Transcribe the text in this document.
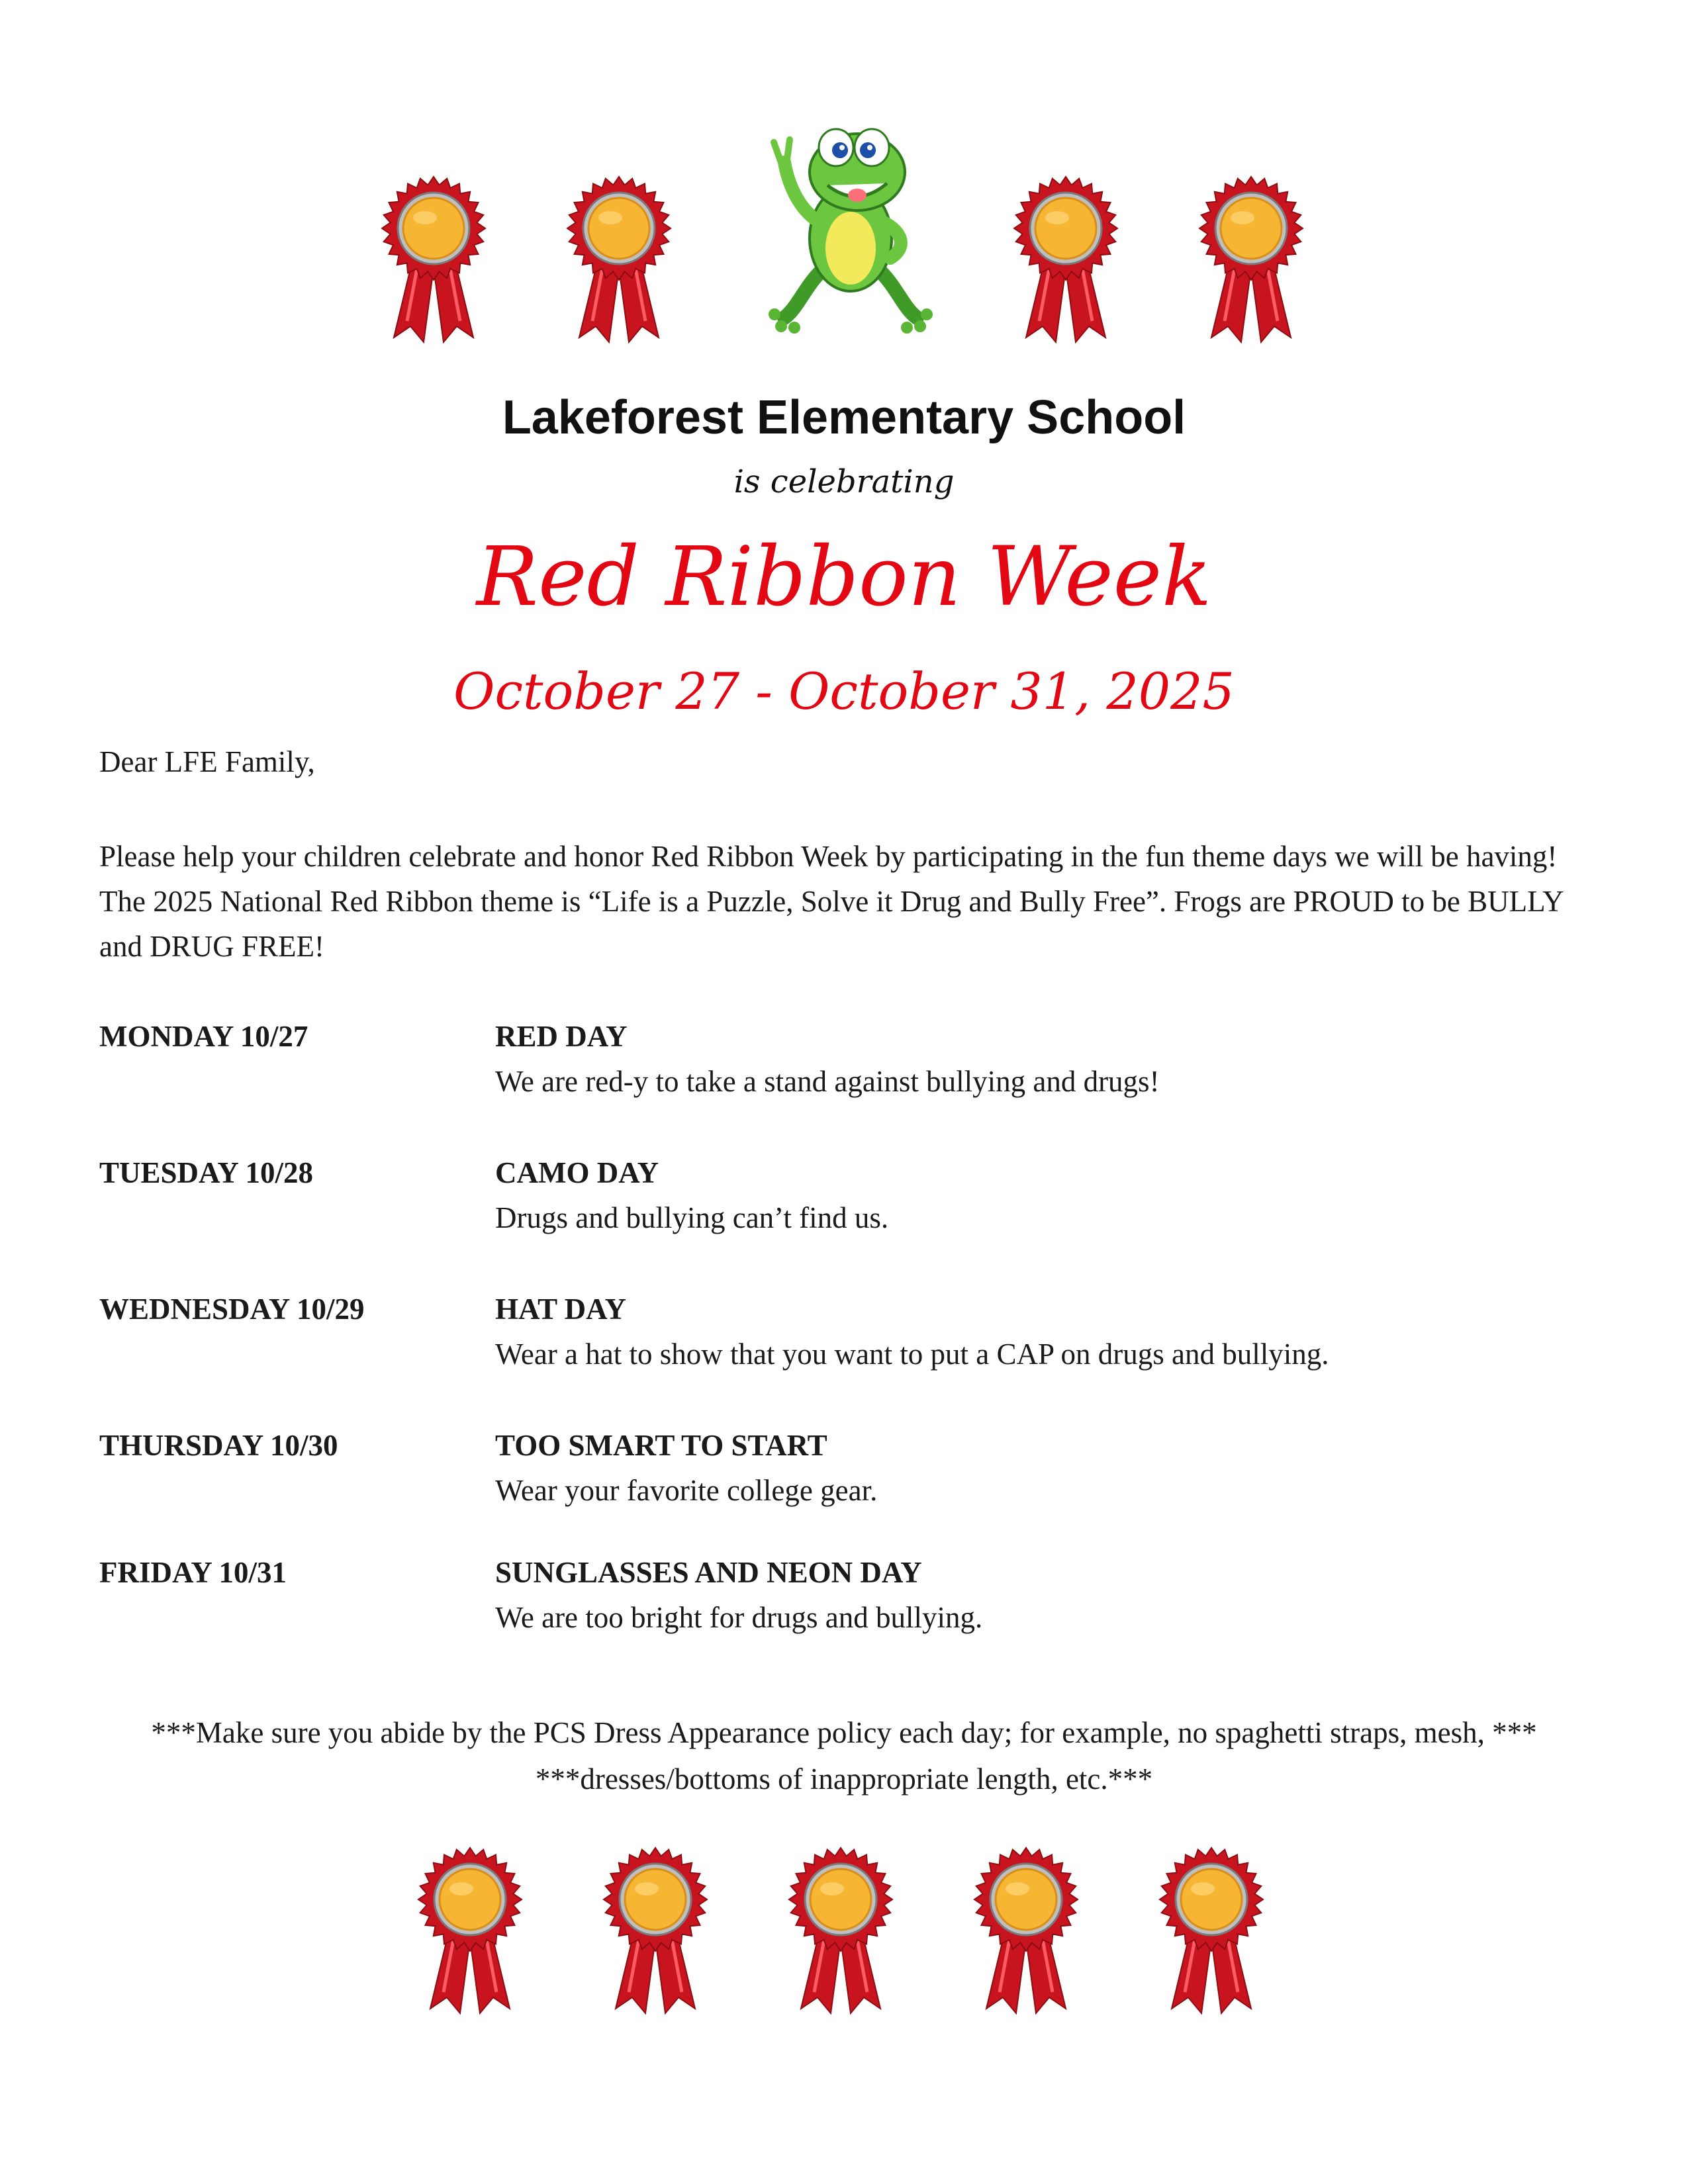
Lakeforest Elementary School
is celebrating
Red Ribbon Week
October 27 - October 31, 2025
Dear LFE Family,
Please help your children celebrate and honor Red Ribbon Week by participating in the fun theme days we will be having! The 2025 National Red Ribbon theme is “Life is a Puzzle, Solve it Drug and Bully Free”. Frogs are PROUD to be BULLY and DRUG FREE!
MONDAY 10/27	RED DAY
We are red-y to take a stand against bullying and drugs!
TUESDAY 10/28	CAMO DAY
Drugs and bullying can’t find us.
WEDNESDAY 10/29	HAT DAY
Wear a hat to show that you want to put a CAP on drugs and bullying.
THURSDAY 10/30	TOO SMART TO START
Wear your favorite college gear.
FRIDAY 10/31	SUNGLASSES AND NEON DAY
We are too bright for drugs and bullying.
***Make sure you abide by the PCS Dress Appearance policy each day; for example, no spaghetti straps, mesh, ***
***dresses/bottoms of inappropriate length, etc.***
